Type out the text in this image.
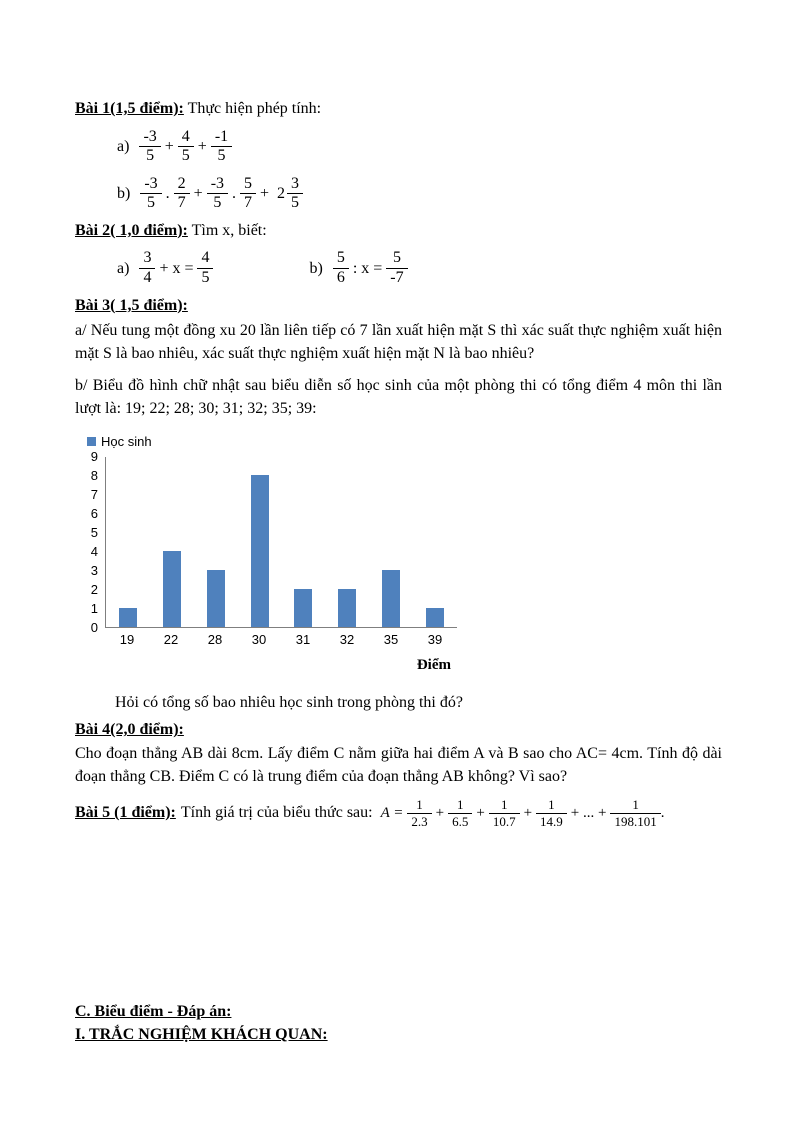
Bài 1(1,5 điểm): Thực hiện phép tính:
$a) \frac{-3}{5} + \frac{4}{5} + \frac{-1}{5}$
$b) \frac{-3}{5}$ . $\frac{2}{7} + \frac{-3}{5}$ . $\frac{5}{7} + 2 \frac{3}{5}$
Bài 2( 1,0 điểm): Tìm x, biết:
$a) \frac{3}{4} + x = \frac{4}{5}$	$b) \frac{5}{6}$ : $x = \frac{5}{-7}$
Bài 3( 1,5 điểm):

a/ Nếu tung một đồng xu 20 lần liên tiếp có 7 lần xuất hiện mặt S thì xác suất thực nghiệm xuất hiện mặt S là bao nhiêu, xác suất thực nghiệm xuất hiện mặt N là bao nhiêu?

b/ Biểu đồ hình chữ nhật sau biểu diễn số học sinh của một phòng thi có tổng điểm 4 môn thi lần lượt là: 19; 22; 28; 30; 31; 32; 35; 39:

Học sinh
0
1
2
3
4
5
6
7
8
9
19	22	28	30	31	32	35	39
Điểm

Hỏi có tổng số bao nhiêu học sinh trong phòng thi đó?

Bài 4(2,0 điểm):

Cho đoạn thẳng AB dài 8cm. Lấy điểm C nằm giữa hai điểm A và B sao cho AC= 4cm. Tính độ dài đoạn thẳng CB. Điểm C có là trung điểm của đoạn thẳng AB không? Vì sao?

Bài 5 (1 điểm): Tính giá trị của biểu thức sau: $A = \frac{1}{2.3} + \frac{1}{6.5} + \frac{1}{10.7} + \frac{1}{14.9}$ + ... + $\frac{1}{198.101}$ .
C. Biểu điểm - Đáp án:
I. TRẮC NGHIỆM KHÁCH QUAN:
